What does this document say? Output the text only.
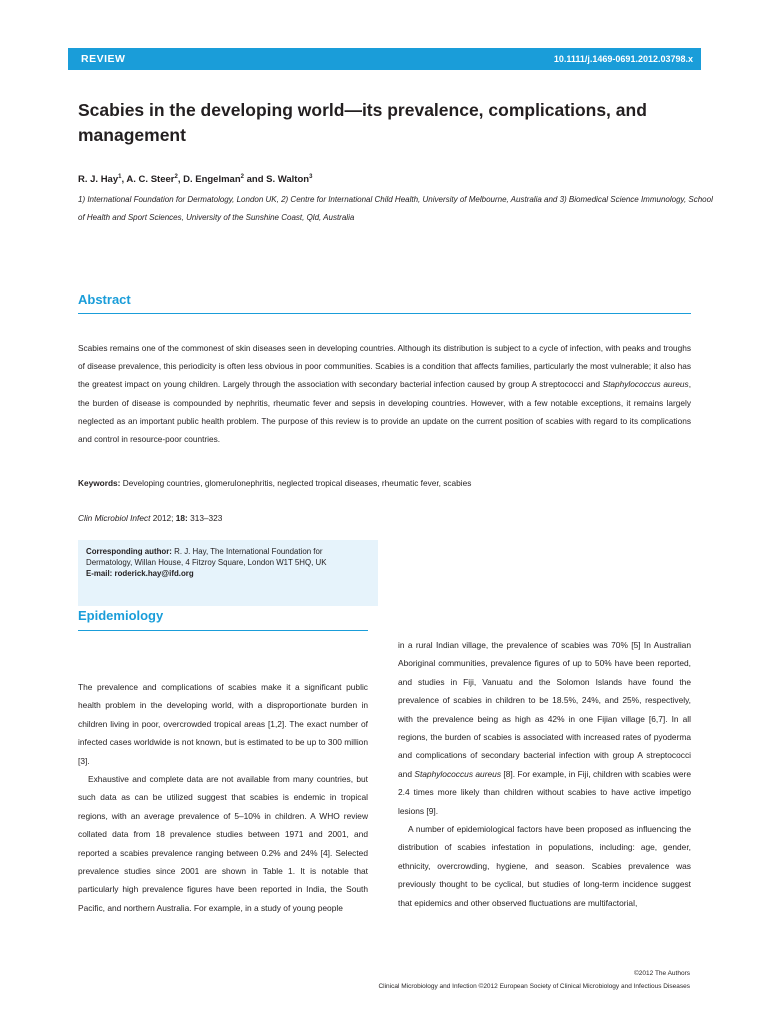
REVIEW	10.1111/j.1469-0691.2012.03798.x
Scabies in the developing world—its prevalence, complications, and management
R. J. Hay$^1$, A. C. Steer$^2$, D. Engelman$^2$ and S. Walton$^3$
1) International Foundation for Dermatology, London UK, 2) Centre for International Child Health, University of Melbourne, Australia and 3) Biomedical Science Immunology, School of Health and Sport Sciences, University of the Sunshine Coast, Qld, Australia
Abstract

Scabies remains one of the commonest of skin diseases seen in developing countries. Although its distribution is subject to a cycle of infection, with peaks and troughs of disease prevalence, this periodicity is often less obvious in poor communities. Scabies is a condition that affects families, particularly the most vulnerable; it also has the greatest impact on young children. Largely through the association with secondary bacterial infection caused by group A streptococci and Staphylococcus aureus, the burden of disease is compounded by nephritis, rheumatic fever and sepsis in developing countries. However, with a few notable exceptions, it remains largely neglected as an important public health problem. The purpose of this review is to provide an update on the current position of scabies with regard to its complications and control in resource-poor countries.

Keywords: Developing countries, glomerulonephritis, neglected tropical diseases, rheumatic fever, scabies
Clin Microbiol Infect 2012; 18: 313–323
Corresponding author: R. J. Hay, The International Foundation for Dermatology, Willan House, 4 Fitzroy Square, London W1T 5HQ, UK
E-mail: roderick.hay@ifd.org
Epidemiology

The prevalence and complications of scabies make it a significant public health problem in the developing world, with a disproportionate burden in children living in poor, overcrowded tropical areas [1,2]. The exact number of infected cases worldwide is not known, but is estimated to be up to 300 million [3].

Exhaustive and complete data are not available from many countries, but such data as can be utilized suggest that scabies is endemic in tropical regions, with an average prevalence of 5–10% in children. A WHO review collated data from 18 prevalence studies between 1971 and 2001, and reported a scabies prevalence ranging between 0.2% and 24% [4]. Selected prevalence studies since 2001 are shown in Table 1. It is notable that particularly high prevalence figures have been reported in India, the South Pacific, and northern Australia. For example, in a study of young people

in a rural Indian village, the prevalence of scabies was 70% [5] In Australian Aboriginal communities, prevalence figures of up to 50% have been reported, and studies in Fiji, Vanuatu and the Solomon Islands have found the prevalence of scabies in children to be 18.5%, 24%, and 25%, respectively, with the prevalence being as high as 42% in one Fijian village [6,7]. In all regions, the burden of scabies is associated with increased rates of pyoderma and complications of secondary bacterial infection with group A streptococci and Staphylococcus aureus [8]. For example, in Fiji, children with scabies were 2.4 times more likely than children without scabies to have active impetigo lesions [9].

A number of epidemiological factors have been proposed as influencing the distribution of scabies infestation in populations, including: age, gender, ethnicity, overcrowding, hygiene, and season. Scabies prevalence was previously thought to be cyclical, but studies of long-term incidence suggest that epidemics and other observed fluctuations are multifactorial,

©2012 The Authors
Clinical Microbiology and Infection ©2012 European Society of Clinical Microbiology and Infectious Diseases
